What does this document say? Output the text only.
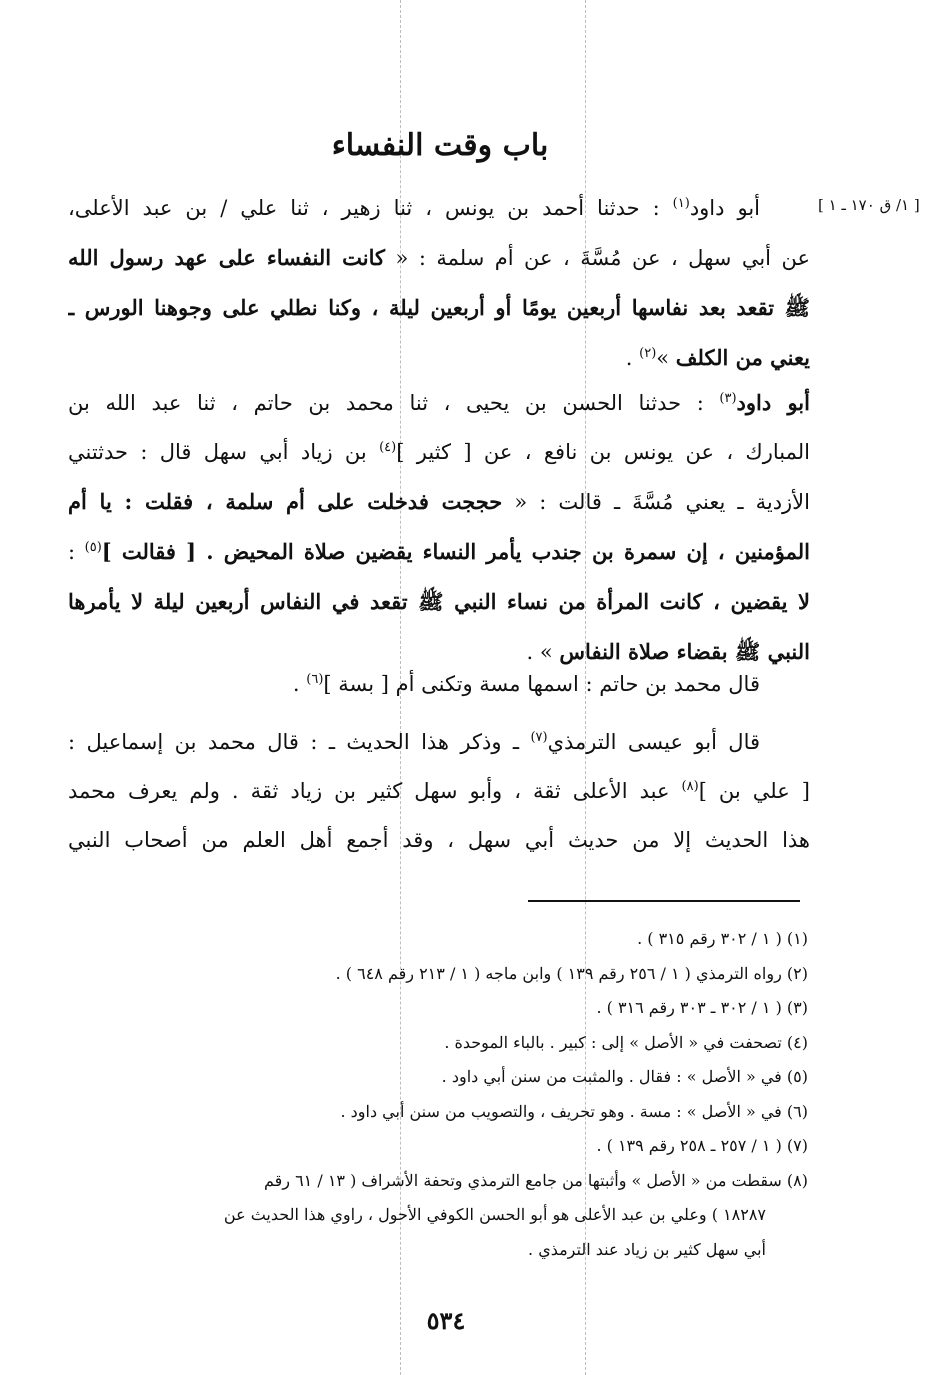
باب وقت النفساء
[ ١/ ق ١٧٠ ـ ١ ]
أبو داود$^{(١)}$ : حدثنا أحمد بن يونس ، ثنا زهير ، ثنا علي / بن عبد الأعلى،
عن أبي سهل ، عن مُسَّةَ ، عن أم سلمة : « كانت النفساء على عهد رسول الله
ﷺ تقعد بعد نفاسها أربعين يومًا أو أربعين ليلة ، وكنا نطلي على وجوهنا الورس ـ
يعني من الكلف »$^{(٢)}$ .
أبو داود$^{(٣)}$ : حدثنا الحسن بن يحيى ، ثنا محمد بن حاتم ، ثنا عبد الله بن
المبارك ، عن يونس بن نافع ، عن [ كثير ]$^{(٤)}$ بن زياد أبي سهل قال : حدثتني
الأزدية ـ يعني مُسَّةَ ـ قالت : « حججت فدخلت على أم سلمة ، فقلت : يا أم
المؤمنين ، إن سمرة بن جندب يأمر النساء يقضين صلاة المحيض . [ فقالت ]$^{(٥)}$ :
لا يقضين ، كانت المرأة من نساء النبي ﷺ تقعد في النفاس أربعين ليلة لا يأمرها
النبي ﷺ بقضاء صلاة النفاس » .
قال محمد بن حاتم : اسمها مسة وتكنى أم [ بسة ]$^{(٦)}$ .
قال أبو عيسى الترمذي$^{(٧)}$ ـ وذكر هذا الحديث ـ : قال محمد بن إسماعيل :
[ علي بن ]$^{(٨)}$ عبد الأعلى ثقة ، وأبو سهل كثير بن زياد ثقة . ولم يعرف محمد
هذا الحديث إلا من حديث أبي سهل ، وقد أجمع أهل العلم من أصحاب النبي
(١) ( ١ / ٣٠٢ رقم ٣١٥ ) .
(٢) رواه الترمذي ( ١ / ٢٥٦ رقم ١٣٩ ) وابن ماجه ( ١ / ٢١٣ رقم ٦٤٨ ) .
(٣) ( ١ / ٣٠٢ ـ ٣٠٣ رقم ٣١٦ ) .
(٤) تصحفت في « الأصل » إلى : كبير . بالباء الموحدة .
(٥) في « الأصل » : فقال . والمثبت من سنن أبي داود .
(٦) في « الأصل » : مسة . وهو تحريف ، والتصويب من سنن أبي داود .
(٧) ( ١ / ٢٥٧ ـ ٢٥٨ رقم ١٣٩ ) .
(٨) سقطت من « الأصل » وأثبتها من جامع الترمذي وتحفة الأشراف ( ١٣ / ٦١ رقم
١٨٢٨٧ ) وعلي بن عبد الأعلى هو أبو الحسن الكوفي الأحول ، راوي هذا الحديث عن
أبي سهل كثير بن زياد عند الترمذي .
٥٣٤
